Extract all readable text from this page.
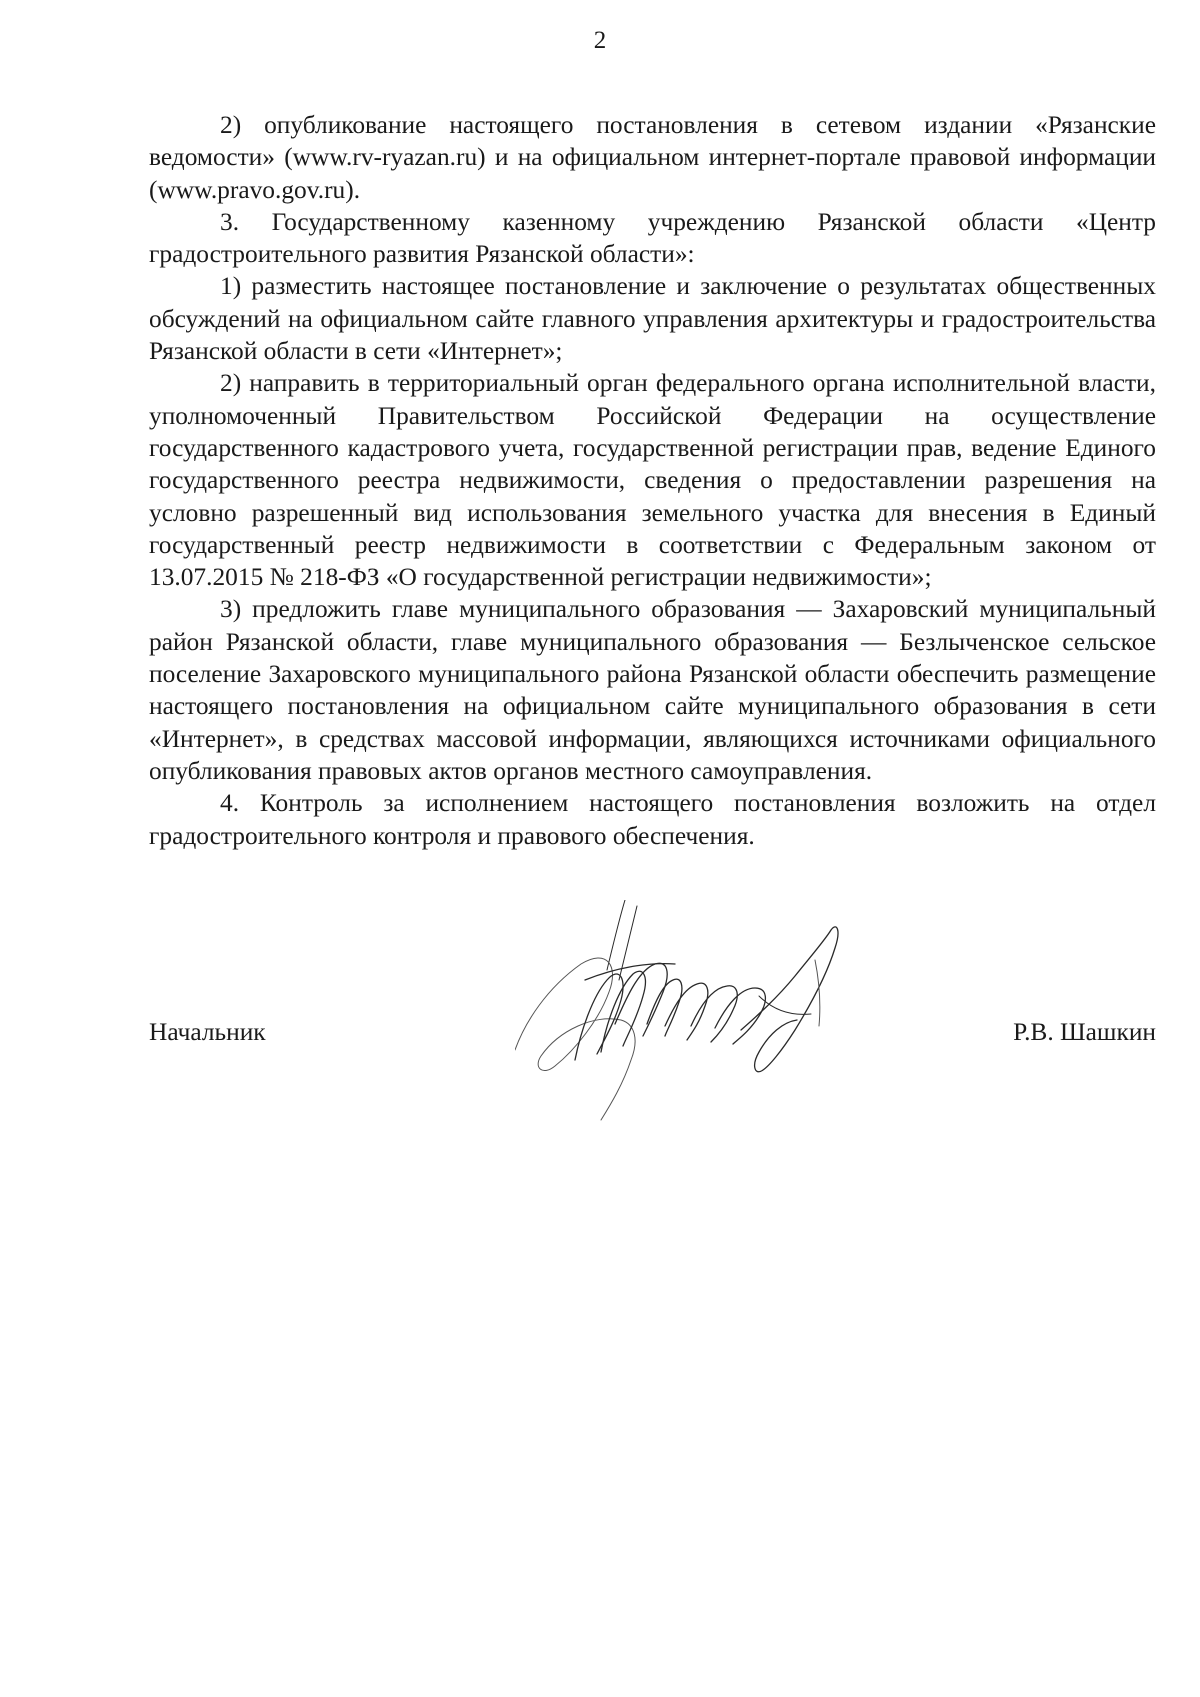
2

2) опубликование настоящего постановления в сетевом издании «Рязанские ведомости» (www.rv-ryazan.ru) и на официальном интернет-портале правовой информации (www.pravo.gov.ru).

3. Государственному казенному учреждению Рязанской области «Центр градостроительного развития Рязанской области»:

1) разместить настоящее постановление и заключение о результатах общественных обсуждений на официальном сайте главного управления архитектуры и градостроительства Рязанской области в сети «Интернет»;

2) направить в территориальный орган федерального органа исполнительной власти, уполномоченный Правительством Российской Федерации на осуществление государственного кадастрового учета, государственной регистрации прав, ведение Единого государственного реестра недвижимости, сведения о предоставлении разрешения на условно разрешенный вид использования земельного участка для внесения в Единый государственный реестр недвижимости в соответствии с Федеральным законом от 13.07.2015 № 218-ФЗ «О государственной регистрации недвижимости»;

3) предложить главе муниципального образования — Захаровский муниципальный район Рязанской области, главе муниципального образования — Безлыченское сельское поселение Захаровского муниципального района Рязанской области обеспечить размещение настоящего постановления на официальном сайте муниципального образования в сети «Интернет», в средствах массовой информации, являющихся источниками официального опубликования правовых актов органов местного самоуправления.

4. Контроль за исполнением настоящего постановления возложить на отдел градостроительного контроля и правового обеспечения.

Начальник	Р.В. Шашкин
